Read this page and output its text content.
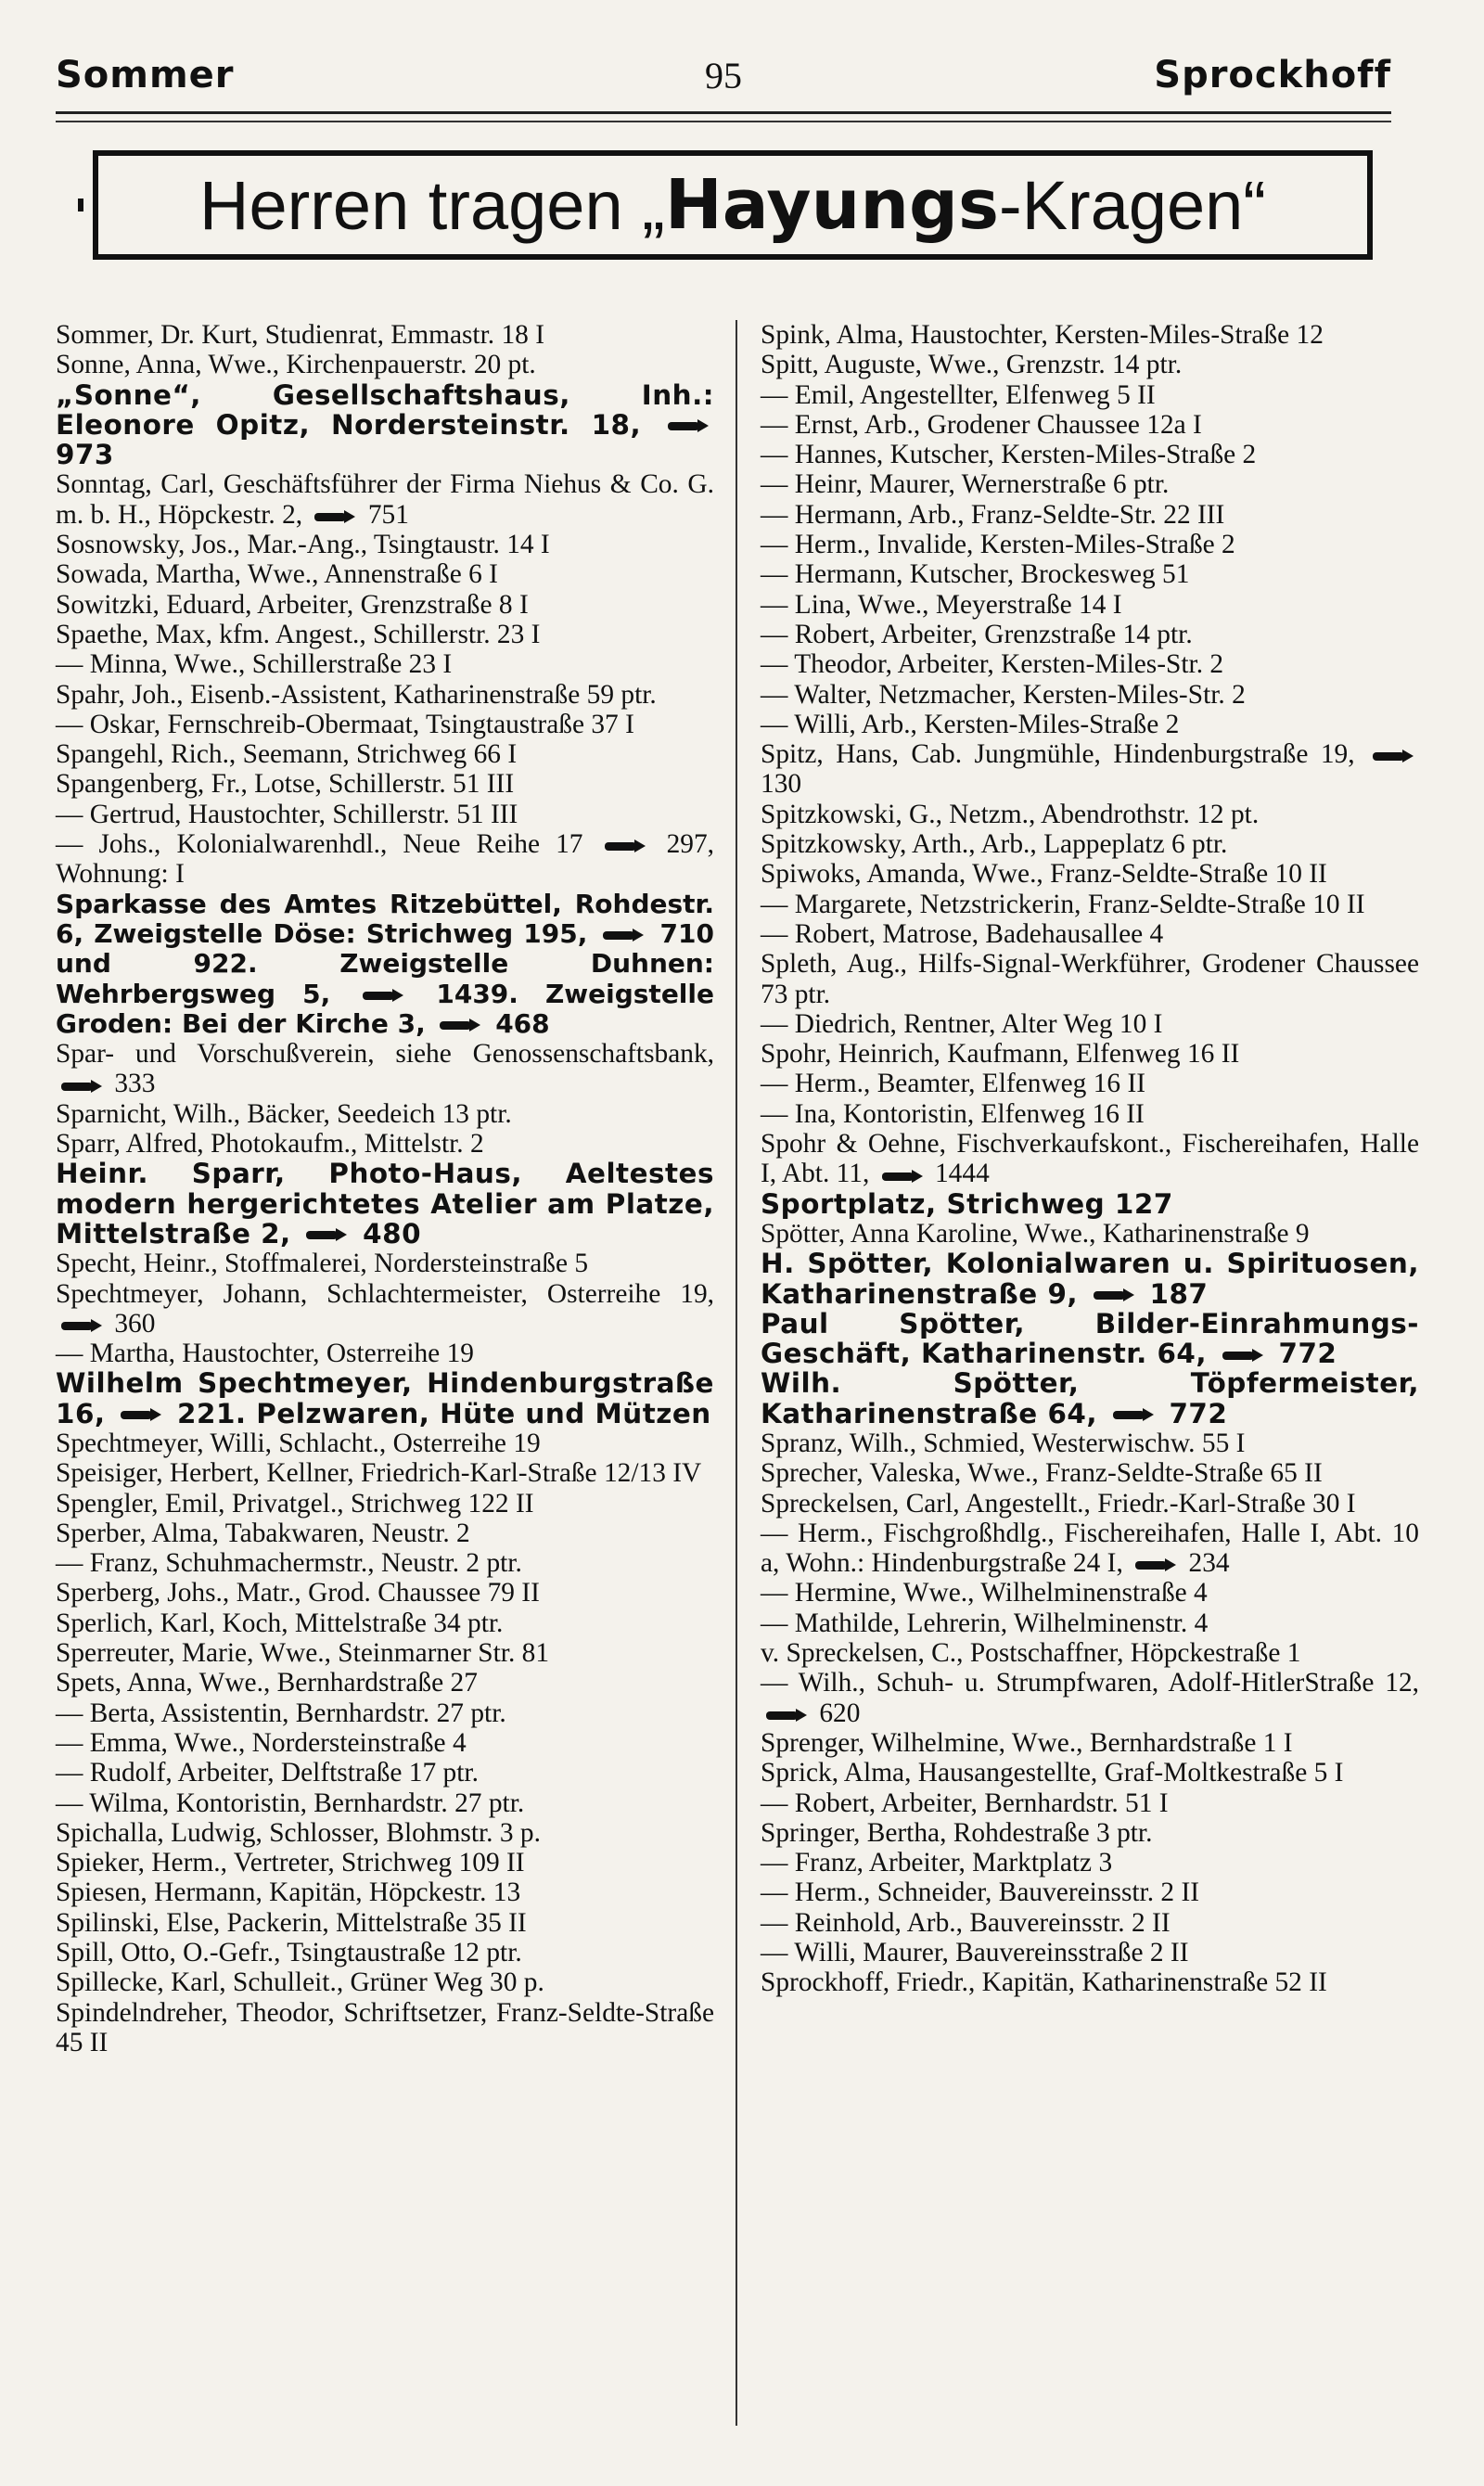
Sommer	95	Sprockhoff
Herren tragen „ Hayungs -Kragen“
Sommer, Dr. Kurt, Studienrat, Emmastr. 18 I
Sonne, Anna, Wwe., Kirchenpauerstr. 20 pt.
„Sonne“, Gesellschaftshaus, Inh.: Eleonore Opitz, Nordersteinstr. 18,  973
Sonntag, Carl, Geschäftsführer der Firma Niehus & Co. G. m. b. H., Höpckestr. 2,  751
Sosnowsky, Jos., Mar.-Ang., Tsingtaustr. 14 I
Sowada, Martha, Wwe., Annenstraße 6 I
Sowitzki, Eduard, Arbeiter, Grenzstraße 8 I
Spaethe, Max, kfm. Angest., Schillerstr. 23 I
— Minna, Wwe., Schillerstraße 23 I
Spahr, Joh., Eisenb.-Assistent, Katharinenstraße 59 ptr.
— Oskar, Fernschreib-Obermaat, Tsingtaustraße 37 I
Spangehl, Rich., Seemann, Strichweg 66 I
Spangenberg, Fr., Lotse, Schillerstr. 51 III
— Gertrud, Haustochter, Schillerstr. 51 III
— Johs., Kolonialwarenhdl., Neue Reihe 17  297, Wohnung: I
Sparkasse des Amtes Ritzebüttel, Rohdestr. 6, Zweigstelle Döse: Strichweg 195,  710 und 922. Zweigstelle Duhnen: Wehrbergsweg 5,  1439. Zweigstelle Groden: Bei der Kirche 3,  468
Spar- und Vorschußverein, siehe Genossenschaftsbank,  333
Sparnicht, Wilh., Bäcker, Seedeich 13 ptr.
Sparr, Alfred, Photokaufm., Mittelstr. 2
Heinr. Sparr, Photo-Haus, Aeltestes modern hergerichtetes Atelier am Platze, Mittelstraße 2,  480
Specht, Heinr., Stoffmalerei, Nordersteinstraße 5
Spechtmeyer, Johann, Schlachtermeister, Osterreihe 19,  360
— Martha, Haustochter, Osterreihe 19
Wilhelm Spechtmeyer, Hindenburgstraße 16,  221. Pelzwaren, Hüte und Mützen
Spechtmeyer, Willi, Schlacht., Osterreihe 19
Speisiger, Herbert, Kellner, Friedrich-Karl-Straße 12/13 IV
Spengler, Emil, Privatgel., Strichweg 122 II
Sperber, Alma, Tabakwaren, Neustr. 2
— Franz, Schuhmachermstr., Neustr. 2 ptr.
Sperberg, Johs., Matr., Grod. Chaussee 79 II
Sperlich, Karl, Koch, Mittelstraße 34 ptr.
Sperreuter, Marie, Wwe., Steinmarner Str. 81
Spets, Anna, Wwe., Bernhardstraße 27
— Berta, Assistentin, Bernhardstr. 27 ptr.
— Emma, Wwe., Nordersteinstraße 4
— Rudolf, Arbeiter, Delftstraße 17 ptr.
— Wilma, Kontoristin, Bernhardstr. 27 ptr.
Spichalla, Ludwig, Schlosser, Blohmstr. 3 p.
Spieker, Herm., Vertreter, Strichweg 109 II
Spiesen, Hermann, Kapitän, Höpckestr. 13
Spilinski, Else, Packerin, Mittelstraße 35 II
Spill, Otto, O.-Gefr., Tsingtaustraße 12 ptr.
Spillecke, Karl, Schulleit., Grüner Weg 30 p.
Spindelndreher, Theodor, Schriftsetzer, Franz-Seldte-Straße 45 II
Spink, Alma, Haustochter, Kersten-Miles-Straße 12
Spitt, Auguste, Wwe., Grenzstr. 14 ptr.
— Emil, Angestellter, Elfenweg 5 II
— Ernst, Arb., Grodener Chaussee 12a I
— Hannes, Kutscher, Kersten-Miles-Straße 2
— Heinr, Maurer, Wernerstraße 6 ptr.
— Hermann, Arb., Franz-Seldte-Str. 22 III
— Herm., Invalide, Kersten-Miles-Straße 2
— Hermann, Kutscher, Brockesweg 51
— Lina, Wwe., Meyerstraße 14 I
— Robert, Arbeiter, Grenzstraße 14 ptr.
— Theodor, Arbeiter, Kersten-Miles-Str. 2
— Walter, Netzmacher, Kersten-Miles-Str. 2
— Willi, Arb., Kersten-Miles-Straße 2
Spitz, Hans, Cab. Jungmühle, Hindenburgstraße 19,  130
Spitzkowski, G., Netzm., Abendrothstr. 12 pt.
Spitzkowsky, Arth., Arb., Lappeplatz 6 ptr.
Spiwoks, Amanda, Wwe., Franz-Seldte-Straße 10 II
— Margarete, Netzstrickerin, Franz-Seldte-Straße 10 II
— Robert, Matrose, Badehausallee 4
Spleth, Aug., Hilfs-Signal-Werkführer, Grodener Chaussee 73 ptr.
— Diedrich, Rentner, Alter Weg 10 I
Spohr, Heinrich, Kaufmann, Elfenweg 16 II
— Herm., Beamter, Elfenweg 16 II
— Ina, Kontoristin, Elfenweg 16 II
Spohr & Oehne, Fischverkaufskont., Fischereihafen, Halle I, Abt. 11,  1444
Sportplatz, Strichweg 127
Spötter, Anna Karoline, Wwe., Katharinenstraße 9
H. Spötter, Kolonialwaren u. Spirituosen, Katharinenstraße 9,  187
Paul Spötter, Bilder-Einrahmungs-Geschäft, Katharinenstr. 64,  772
Wilh. Spötter, Töpfermeister, Katharinenstraße 64,  772
Spranz, Wilh., Schmied, Westerwischw. 55 I
Sprecher, Valeska, Wwe., Franz-Seldte-Straße 65 II
Spreckelsen, Carl, Angestellt., Friedr.-Karl-Straße 30 I
— Herm., Fischgroßhdlg., Fischereihafen, Halle I, Abt. 10 a, Wohn.: Hindenburgstraße 24 I,  234
— Hermine, Wwe., Wilhelminenstraße 4
— Mathilde, Lehrerin, Wilhelminenstr. 4
v. Spreckelsen, C., Postschaffner, Höpckestraße 1
— Wilh., Schuh- u. Strumpfwaren, Adolf-HitlerStraße 12,  620
Sprenger, Wilhelmine, Wwe., Bernhardstraße 1 I
Sprick, Alma, Hausangestellte, Graf-Moltkestraße 5 I
— Robert, Arbeiter, Bernhardstr. 51 I
Springer, Bertha, Rohdestraße 3 ptr.
— Franz, Arbeiter, Marktplatz 3
— Herm., Schneider, Bauvereinsstr. 2 II
— Reinhold, Arb., Bauvereinsstr. 2 II
— Willi, Maurer, Bauvereinsstraße 2 II
Sprockhoff, Friedr., Kapitän, Katharinenstraße 52 II
